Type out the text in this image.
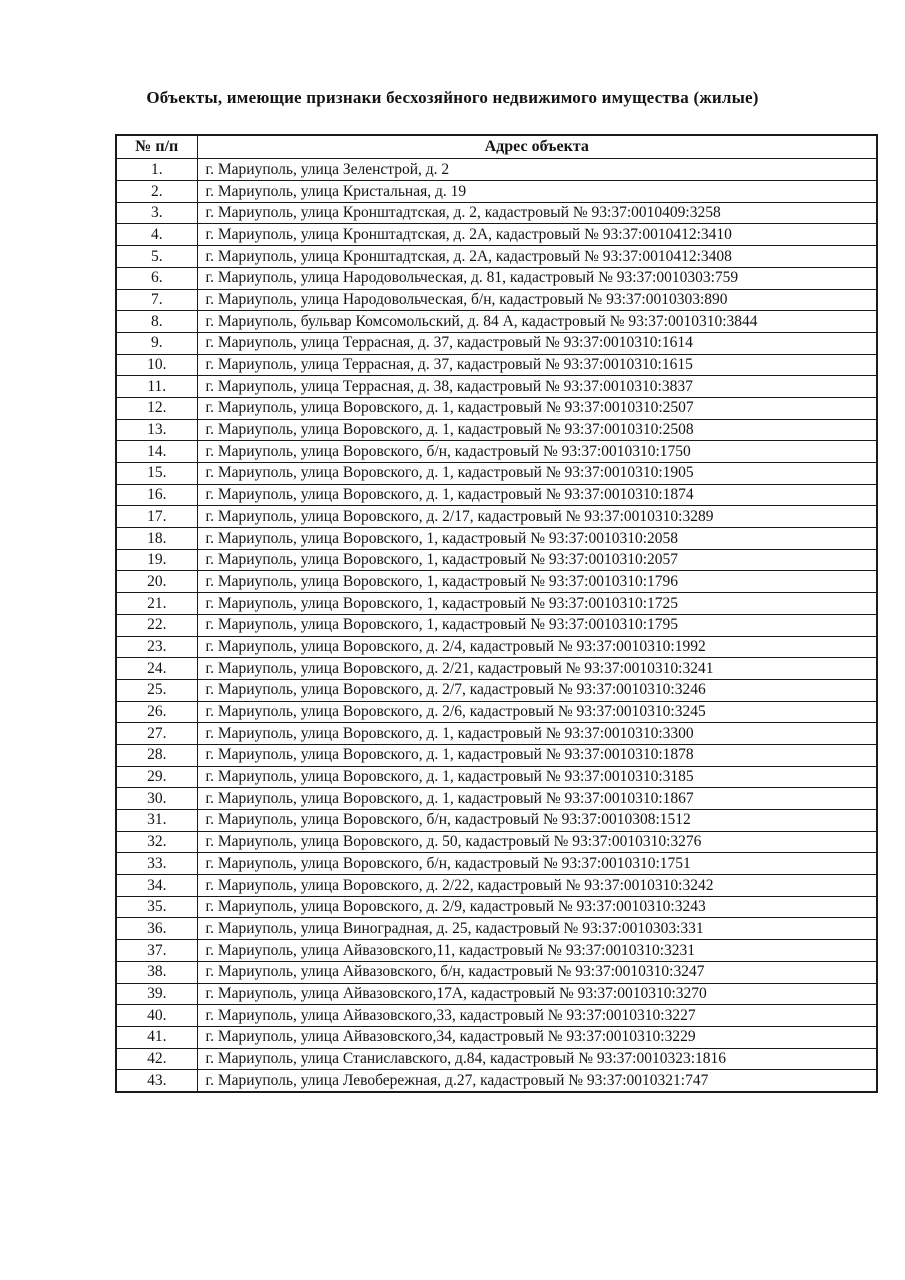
Объекты, имеющие признаки бесхозяйного недвижимого имущества (жилые)
№ п/п	Адрес объекта
1.	г. Мариуполь, улица Зеленстрой, д. 2
2.	г. Мариуполь, улица Кристальная, д. 19
3.	г. Мариуполь, улица Кронштадтская, д. 2, кадастровый № 93:37:0010409:3258
4.	г. Мариуполь, улица Кронштадтская, д. 2А, кадастровый № 93:37:0010412:3410
5.	г. Мариуполь, улица Кронштадтская, д. 2А, кадастровый № 93:37:0010412:3408
6.	г. Мариуполь, улица Народовольческая, д. 81, кадастровый № 93:37:0010303:759
7.	г. Мариуполь, улица Народовольческая, б/н, кадастровый № 93:37:0010303:890
8.	г. Мариуполь, бульвар Комсомольский, д. 84 А, кадастровый № 93:37:0010310:3844
9.	г. Мариуполь, улица Террасная, д. 37, кадастровый № 93:37:0010310:1614
10.	г. Мариуполь, улица Террасная, д. 37, кадастровый № 93:37:0010310:1615
11.	г. Мариуполь, улица Террасная, д. 38, кадастровый № 93:37:0010310:3837
12.	г. Мариуполь, улица Воровского, д. 1, кадастровый № 93:37:0010310:2507
13.	г. Мариуполь, улица Воровского, д. 1, кадастровый № 93:37:0010310:2508
14.	г. Мариуполь, улица Воровского, б/н, кадастровый № 93:37:0010310:1750
15.	г. Мариуполь, улица Воровского, д. 1, кадастровый № 93:37:0010310:1905
16.	г. Мариуполь, улица Воровского, д. 1, кадастровый № 93:37:0010310:1874
17.	г. Мариуполь, улица Воровского, д. 2/17, кадастровый № 93:37:0010310:3289
18.	г. Мариуполь, улица Воровского, 1, кадастровый № 93:37:0010310:2058
19.	г. Мариуполь, улица Воровского, 1, кадастровый № 93:37:0010310:2057
20.	г. Мариуполь, улица Воровского, 1, кадастровый № 93:37:0010310:1796
21.	г. Мариуполь, улица Воровского, 1, кадастровый № 93:37:0010310:1725
22.	г. Мариуполь, улица Воровского, 1, кадастровый № 93:37:0010310:1795
23.	г. Мариуполь, улица Воровского, д. 2/4, кадастровый № 93:37:0010310:1992
24.	г. Мариуполь, улица Воровского, д. 2/21, кадастровый № 93:37:0010310:3241
25.	г. Мариуполь, улица Воровского, д. 2/7, кадастровый № 93:37:0010310:3246
26.	г. Мариуполь, улица Воровского, д. 2/6, кадастровый № 93:37:0010310:3245
27.	г. Мариуполь, улица Воровского, д. 1, кадастровый № 93:37:0010310:3300
28.	г. Мариуполь, улица Воровского, д. 1, кадастровый № 93:37:0010310:1878
29.	г. Мариуполь, улица Воровского, д. 1, кадастровый № 93:37:0010310:3185
30.	г. Мариуполь, улица Воровского, д. 1, кадастровый № 93:37:0010310:1867
31.	г. Мариуполь, улица Воровского, б/н, кадастровый № 93:37:0010308:1512
32.	г. Мариуполь, улица Воровского, д. 50, кадастровый № 93:37:0010310:3276
33.	г. Мариуполь, улица Воровского, б/н, кадастровый № 93:37:0010310:1751
34.	г. Мариуполь, улица Воровского, д. 2/22, кадастровый № 93:37:0010310:3242
35.	г. Мариуполь, улица Воровского, д. 2/9, кадастровый № 93:37:0010310:3243
36.	г. Мариуполь, улица Виноградная, д. 25, кадастровый № 93:37:0010303:331
37.	г. Мариуполь, улица Айвазовского,11, кадастровый № 93:37:0010310:3231
38.	г. Мариуполь, улица Айвазовского, б/н, кадастровый № 93:37:0010310:3247
39.	г. Мариуполь, улица Айвазовского,17А, кадастровый № 93:37:0010310:3270
40.	г. Мариуполь, улица Айвазовского,33, кадастровый № 93:37:0010310:3227
41.	г. Мариуполь, улица Айвазовского,34, кадастровый № 93:37:0010310:3229
42.	г. Мариуполь, улица Станиславского, д.84, кадастровый № 93:37:0010323:1816
43.	г. Мариуполь, улица Левобережная, д.27, кадастровый № 93:37:0010321:747
